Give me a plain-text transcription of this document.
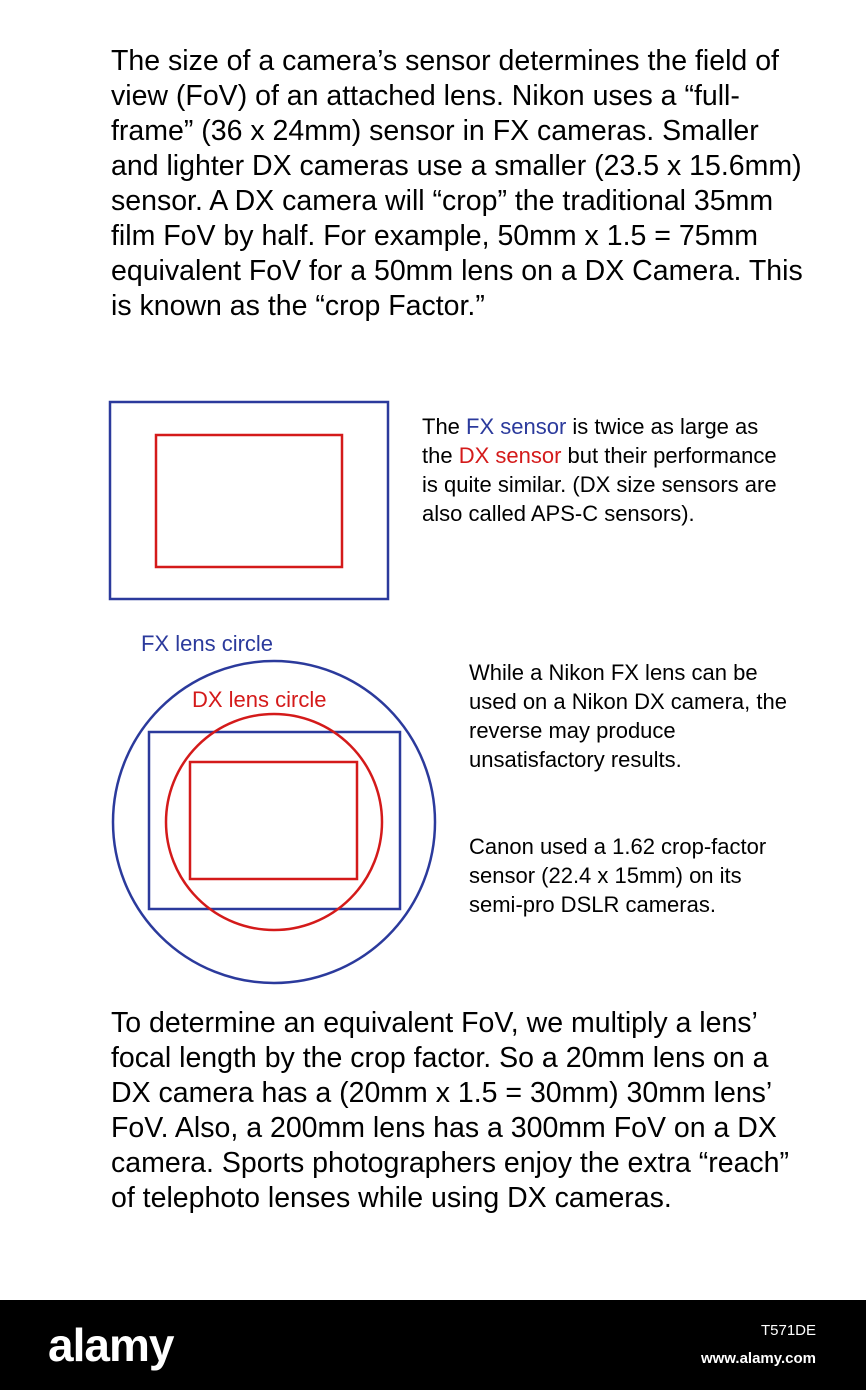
The size of a camera’s sensor determines the field of view (FoV) of an attached lens. Nikon uses a “full-frame” (36 x 24mm) sensor in FX cameras. Smaller and lighter DX cameras use a smaller (23.5 x 15.6mm) sensor. A DX camera will “crop” the traditional 35mm film FoV by half. For example, 50mm x 1.5 = 75mm equivalent FoV for a 50mm lens on a DX Camera. This is known as the “crop Factor.”

FX lens circle
DX lens circle

The FX sensor is twice as large as the DX sensor but their performance is quite similar. (DX size sensors are also called APS-C sensors).

While a Nikon FX lens can be used on a Nikon DX camera, the reverse may produce unsatisfactory results.

Canon used a 1.62 crop-factor sensor (22.4 x 15mm) on its semi-pro DSLR cameras.

To determine an equivalent FoV, we multiply a lens’ focal length by the crop factor. So a 20mm lens on a DX camera has a (20mm x 1.5 = 30mm) 30mm lens’ FoV. Also, a 200mm lens has a 300mm FoV on a DX camera. Sports photographers enjoy the extra “reach” of telephoto lenses while using DX cameras.

alamy	T571DE
www.alamy.com
